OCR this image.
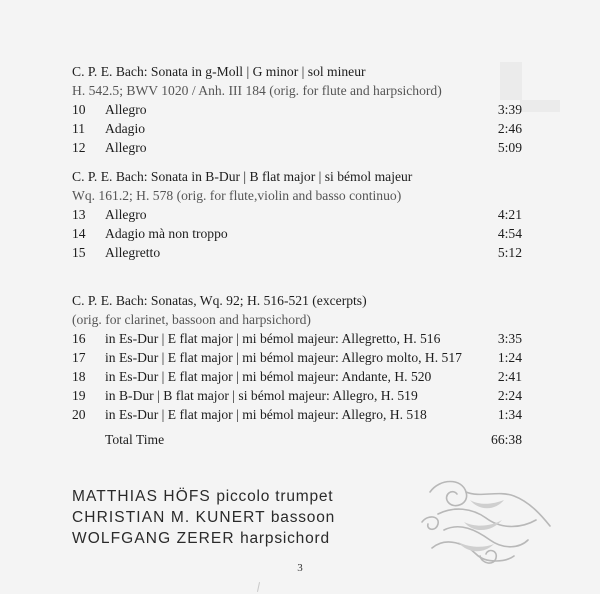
C. P. E. Bach: Sonata in g-Moll | G minor | sol mineur
H. 542.5; BWV 1020 / Anh. III 184 (orig. for flute and harpsichord)
10 Allegro	3:39
11 Adagio	2:46
12 Allegro	5:09
C. P. E. Bach: Sonata in B-Dur | B flat major | si bémol majeur
Wq. 161.2; H. 578 (orig. for flute,violin and basso continuo)
13 Allegro	4:21
14 Adagio mà non troppo	4:54
15 Allegretto	5:12
C. P. E. Bach: Sonatas, Wq. 92; H. 516-521 (excerpts)
(orig. for clarinet, bassoon and harpsichord)
16 in Es-Dur | E flat major | mi bémol majeur: Allegretto, H. 516	3:35
17 in Es-Dur | E flat major | mi bémol majeur: Allegro molto, H. 517	1:24
18 in Es-Dur | E flat major | mi bémol majeur: Andante, H. 520	2:41
19 in B-Dur | B flat major | si bémol majeur: Allegro, H. 519	2:24
20 in Es-Dur | E flat major | mi bémol majeur: Allegro, H. 518	1:34
Total Time	66:38
MATTHIAS HÖFS piccolo trumpet
CHRISTIAN M. KUNERT bassoon
WOLFGANG ZERER harpsichord
3
